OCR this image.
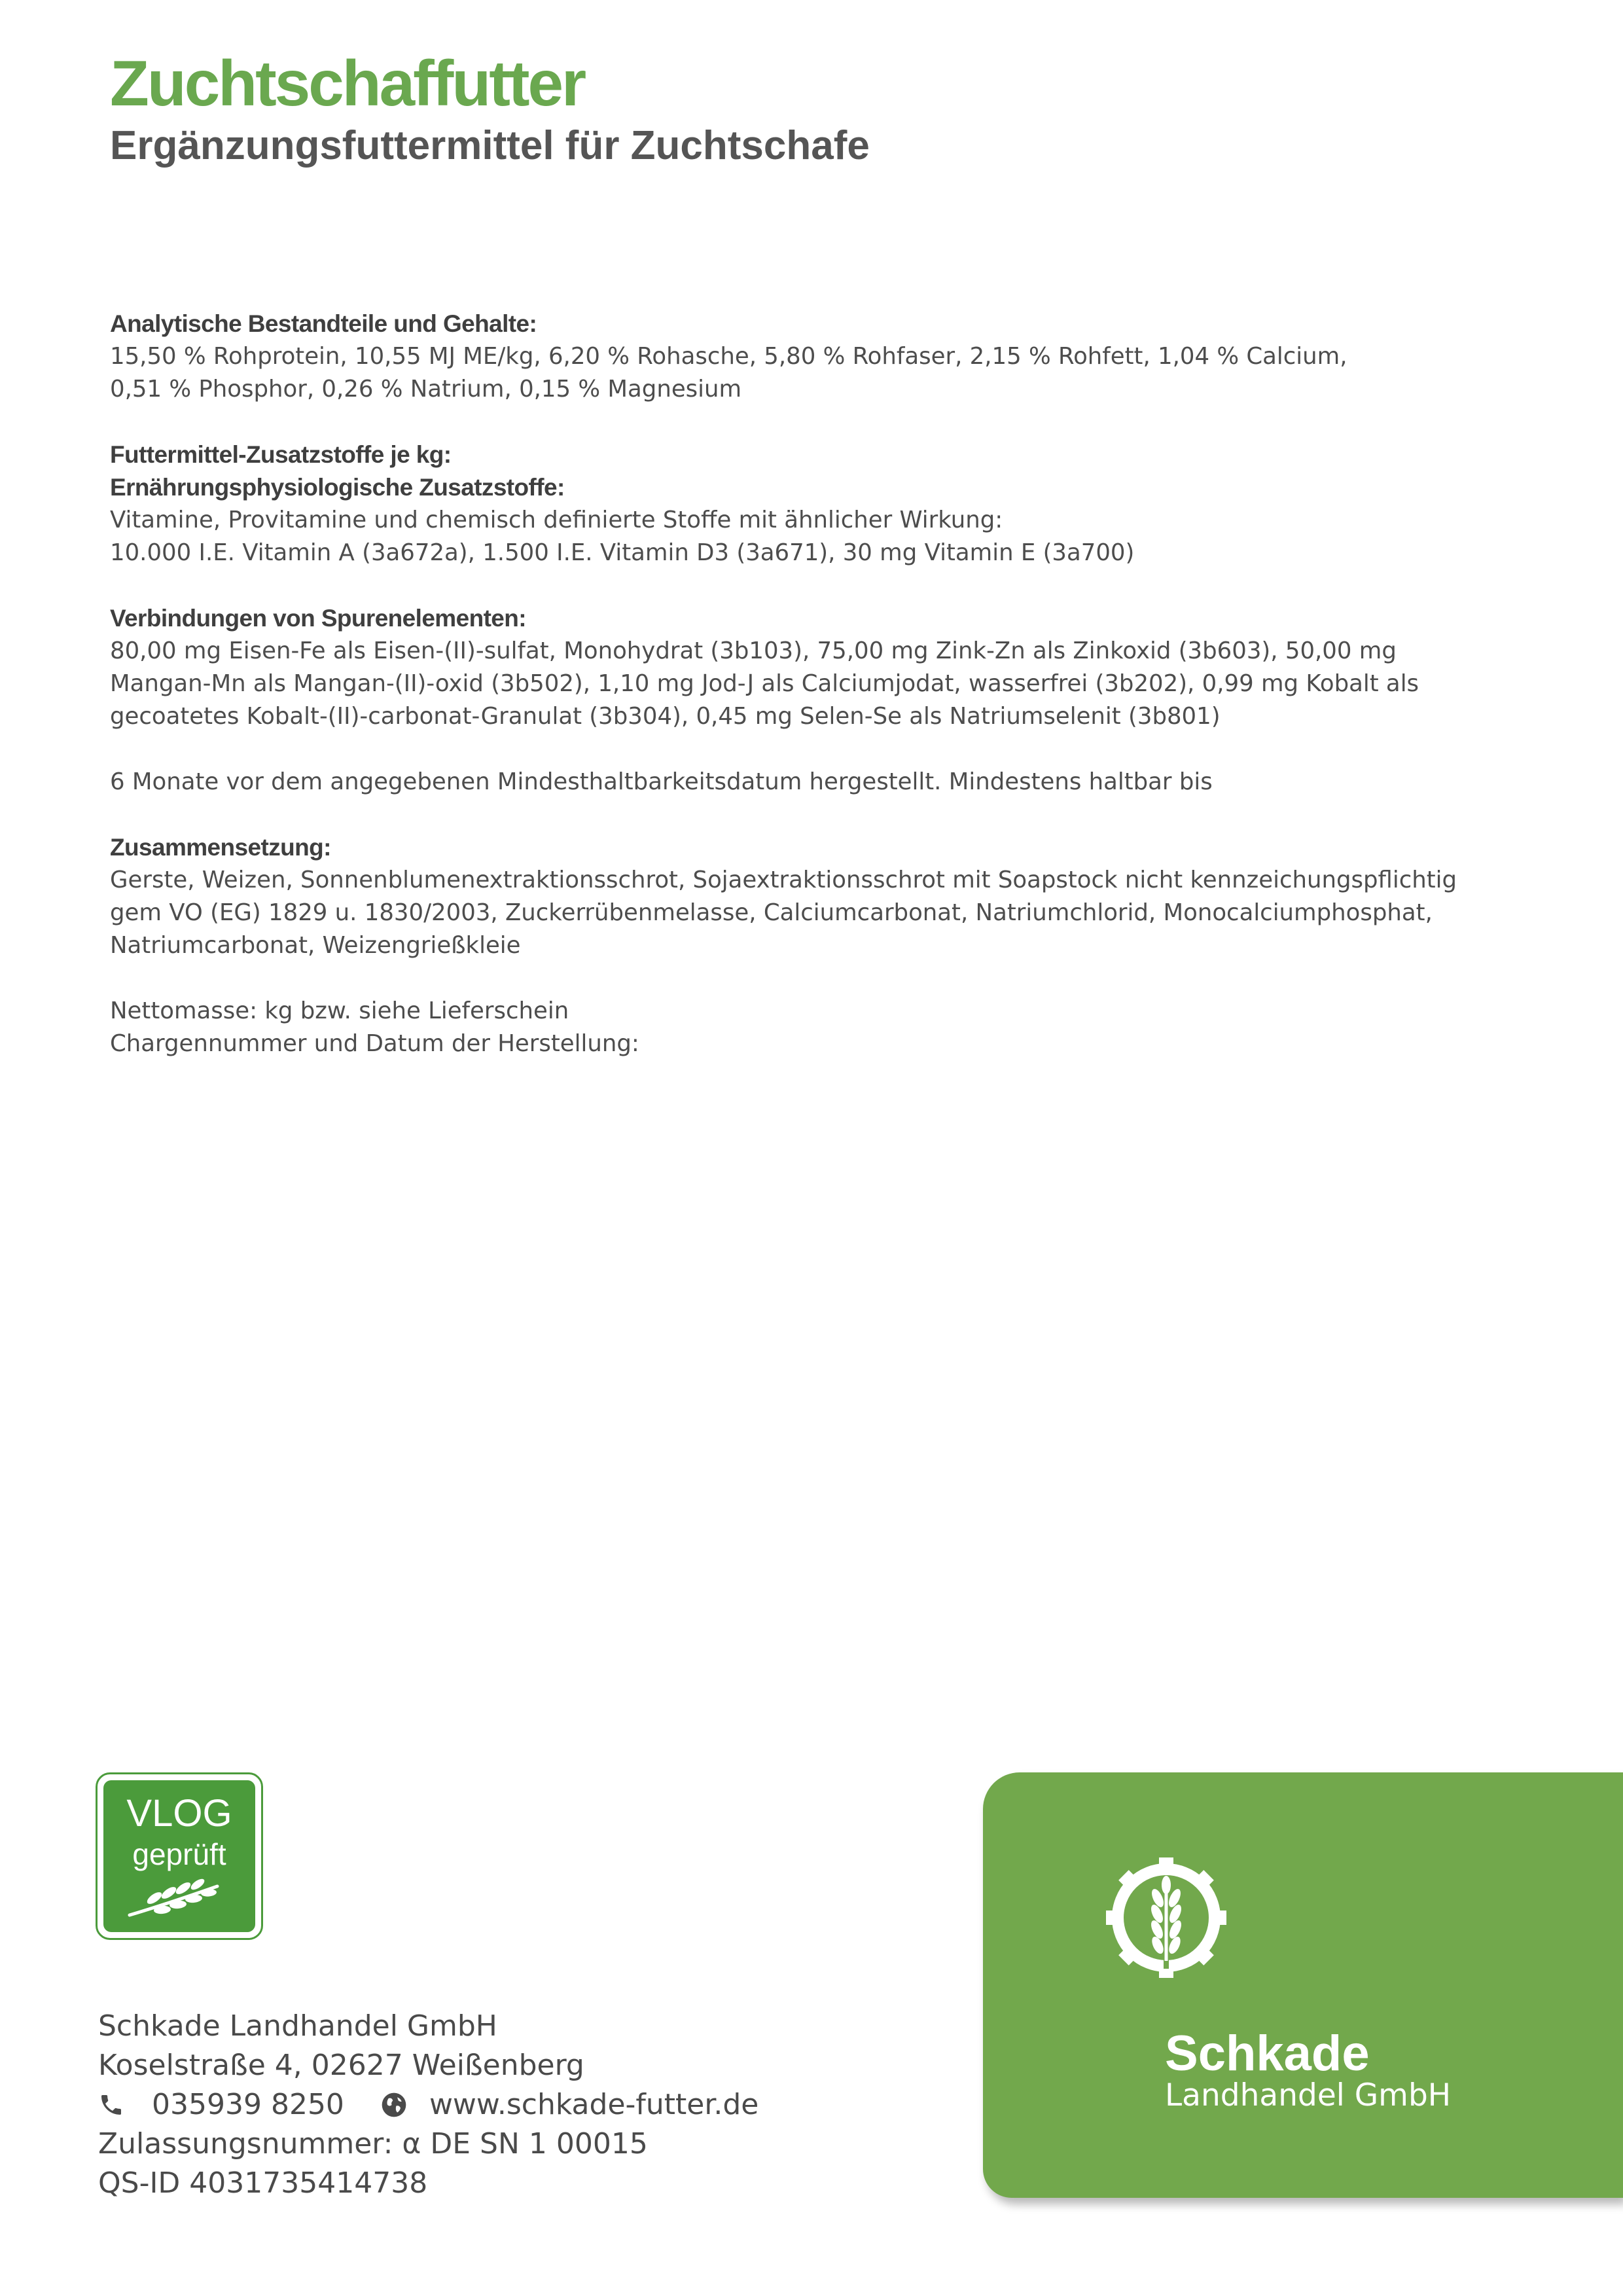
Zuchtschaffutter
Ergänzungsfuttermittel für Zuchtschafe

Analytische Bestandteile und Gehalte:

15,50 % Rohprotein, 10,55 MJ ME/kg, 6,20 % Rohasche, 5,80 % Rohfaser, 2,15 % Rohfett, 1,04 % Calcium,

0,51 % Phosphor, 0,26 % Natrium, 0,15 % Magnesium

Futtermittel-Zusatzstoffe je kg:

Ernährungsphysiologische Zusatzstoffe:

Vitamine, Provitamine und chemisch definierte Stoffe mit ähnlicher Wirkung:

10.000 I.E. Vitamin A (3a672a), 1.500 I.E. Vitamin D3 (3a671), 30 mg Vitamin E (3a700)

Verbindungen von Spurenelementen:

80,00 mg Eisen-Fe als Eisen-(II)-sulfat, Monohydrat (3b103), 75,00 mg Zink-Zn als Zinkoxid (3b603), 50,00 mg

Mangan-Mn als Mangan-(II)-oxid (3b502), 1,10 mg Jod-J als Calciumjodat, wasserfrei (3b202), 0,99 mg Kobalt als

gecoatetes Kobalt-(II)-carbonat-Granulat (3b304), 0,45 mg Selen-Se als Natriumselenit (3b801)

6 Monate vor dem angegebenen Mindesthaltbarkeitsdatum hergestellt. Mindestens haltbar bis

Zusammensetzung:

Gerste, Weizen, Sonnenblumenextraktionsschrot, Sojaextraktionsschrot mit Soapstock nicht kennzeichungspflichtig

gem VO (EG) 1829 u. 1830/2003, Zuckerrübenmelasse, Calciumcarbonat, Natriumchlorid, Monocalciumphosphat,

Natriumcarbonat, Weizengrießkleie

Nettomasse: kg bzw. siehe Lieferschein

Chargennummer und Datum der Herstellung:

VLOG
geprüft

Schkade Landhandel GmbH

Koselstraße 4, 02627 Weißenberg

035939 8250	www.schkade-futter.de

Zulassungsnummer: α DE SN 1 00015

QS-ID 4031735414738

Schkade

Landhandel GmbH
